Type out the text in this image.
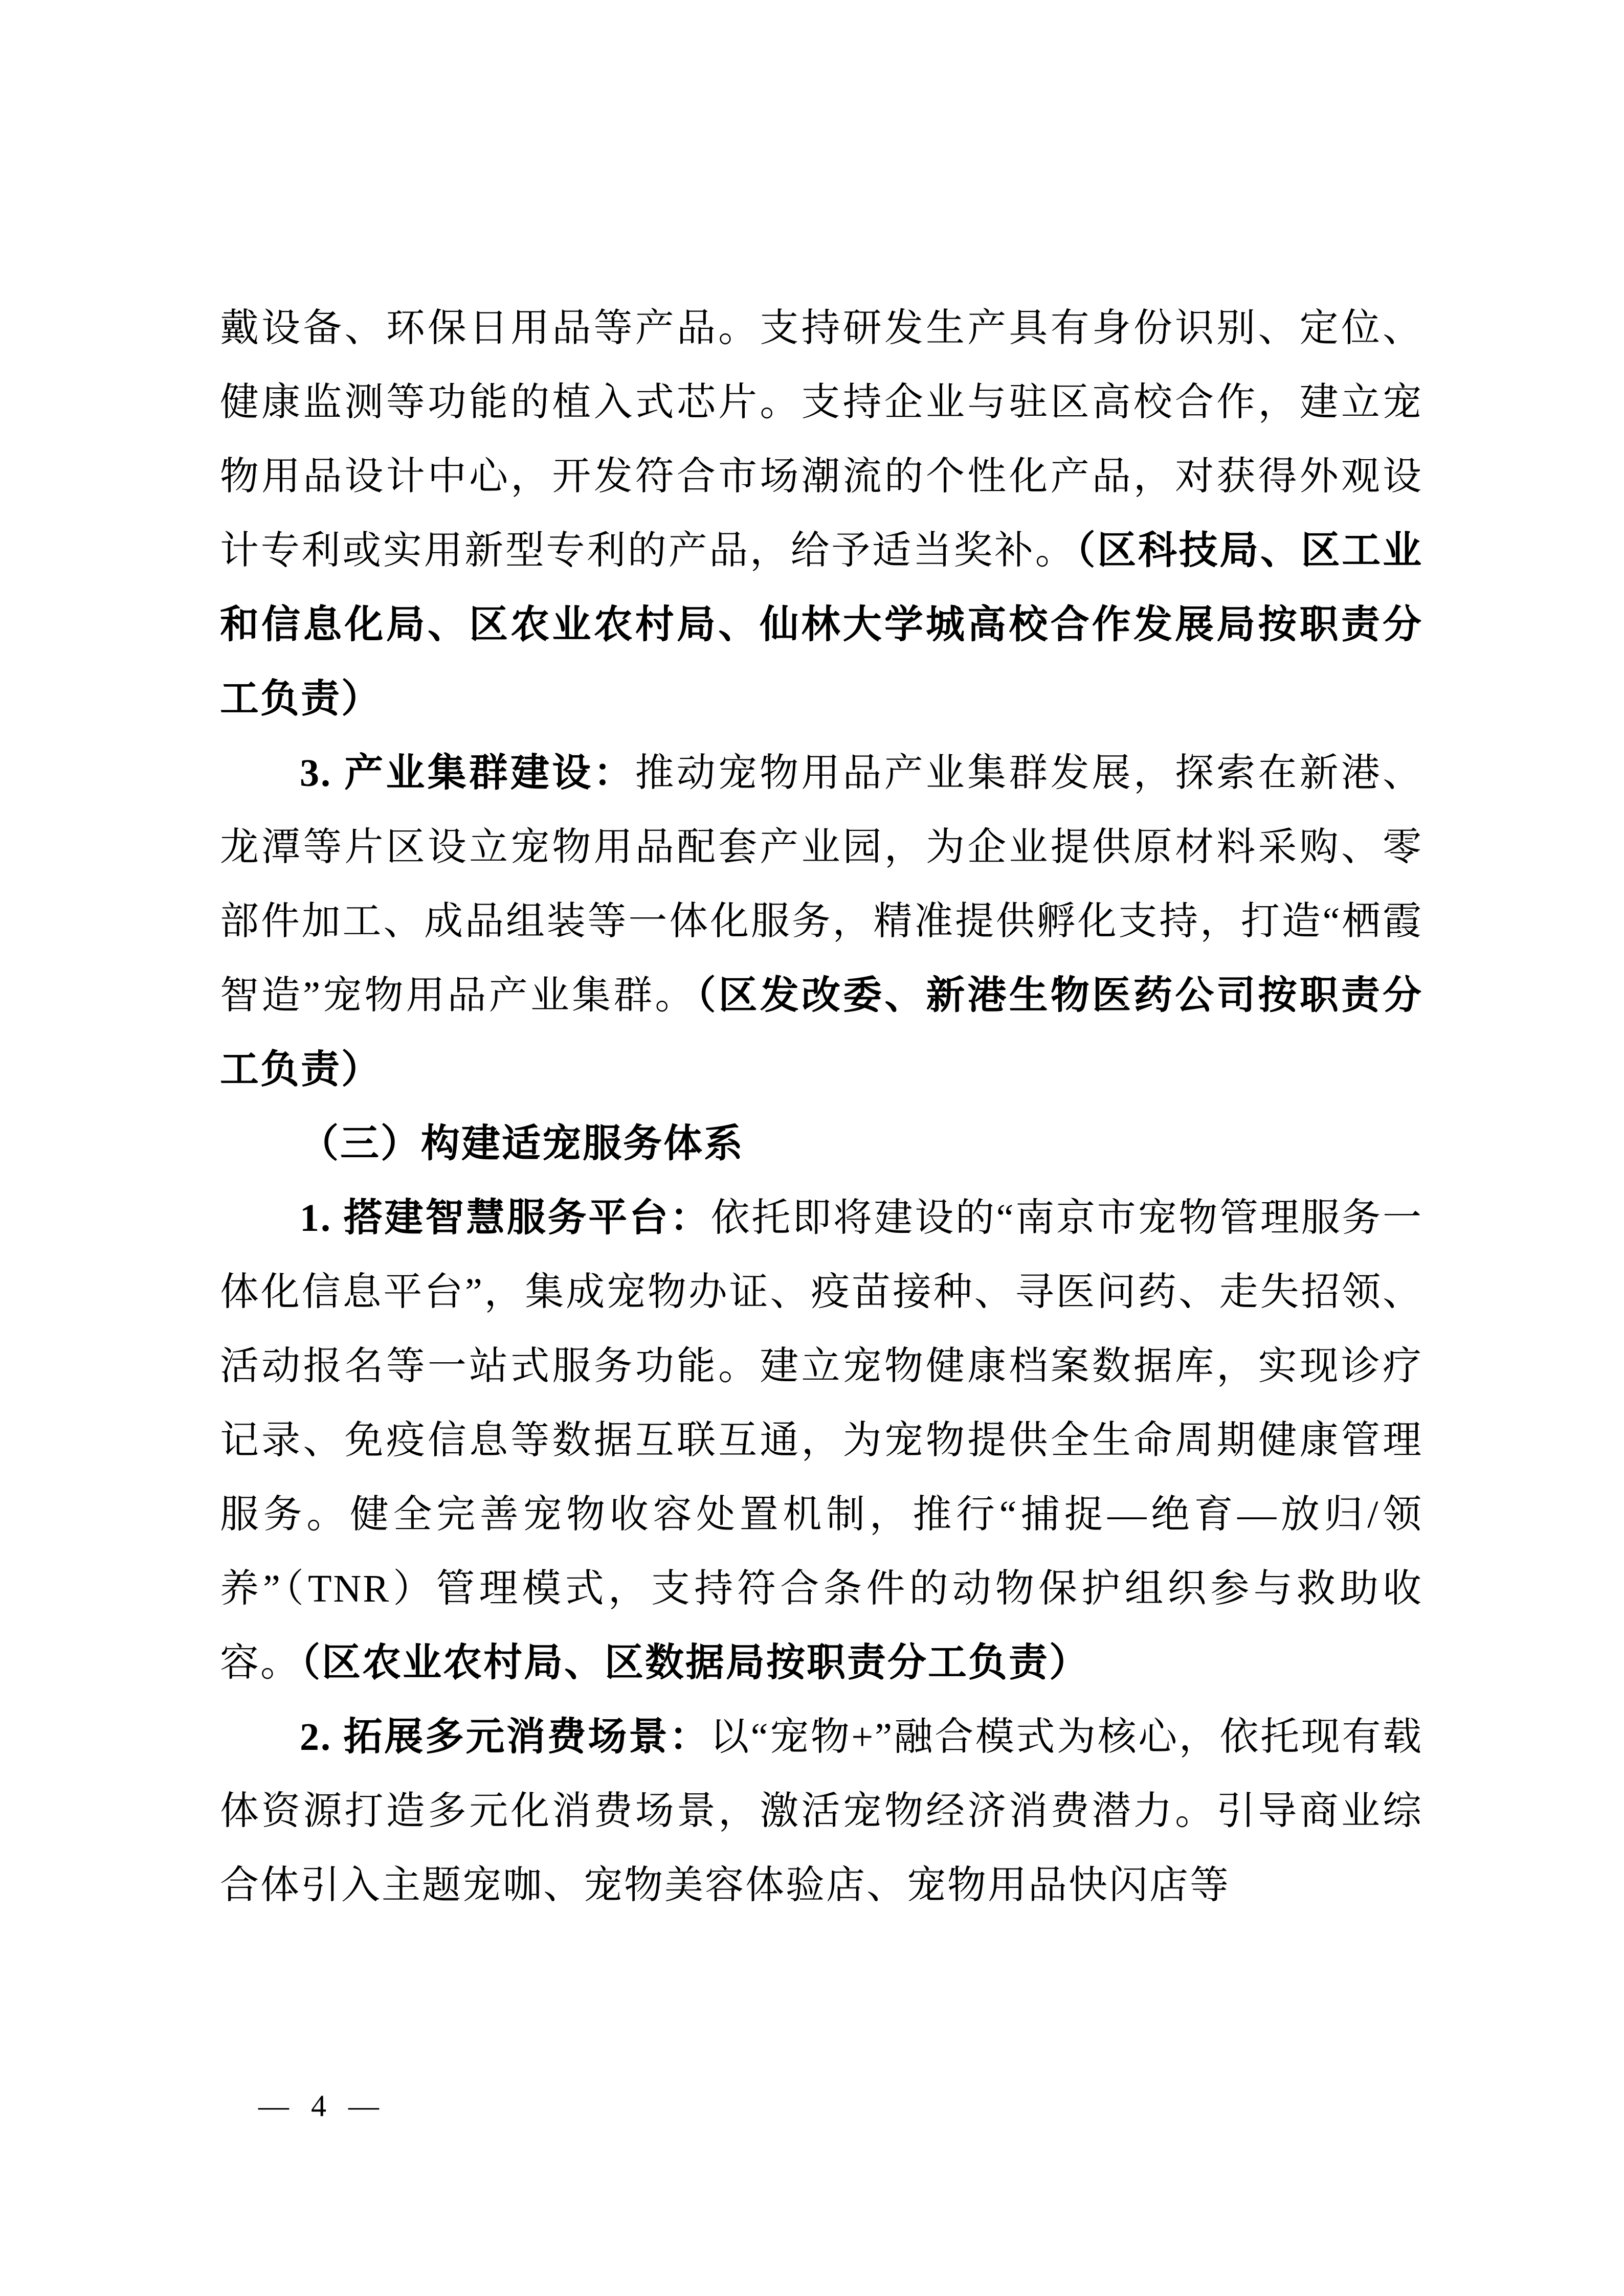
戴设备、环保日用品等产品。支持研发生产具有身份识别、定位、健康监测等功能的植入式芯片。支持企业与驻区高校合作，建立宠物用品设计中心，开发符合市场潮流的个性化产品，对获得外观设计专利或实用新型专利的产品，给予适当奖补。（区科技局、区工业和信息化局、区农业农村局、仙林大学城高校合作发展局按职责分工负责）

3. 产业集群建设：推动宠物用品产业集群发展，探索在新港、龙潭等片区设立宠物用品配套产业园，为企业提供原材料采购、零部件加工、成品组装等一体化服务，精准提供孵化支持，打造“栖霞智造”宠物用品产业集群。（区发改委、新港生物医药公司按职责分工负责）

（三）构建适宠服务体系

1. 搭建智慧服务平台：依托即将建设的“南京市宠物管理服务一体化信息平台”，集成宠物办证、疫苗接种、寻医问药、走失招领、活动报名等一站式服务功能。建立宠物健康档案数据库，实现诊疗记录、免疫信息等数据互联互通，为宠物提供全生命周期健康管理服务。健全完善宠物收容处置机制，推行“捕捉—绝育—放归/领养”（TNR）管理模式，支持符合条件的动物保护组织参与救助收容。（区农业农村局、区数据局按职责分工负责）

2. 拓展多元消费场景：以“宠物+”融合模式为核心，依托现有载体资源打造多元化消费场景，激活宠物经济消费潜力。引导商业综合体引入主题宠咖、宠物美容体验店、宠物用品快闪店等

— 4 —
